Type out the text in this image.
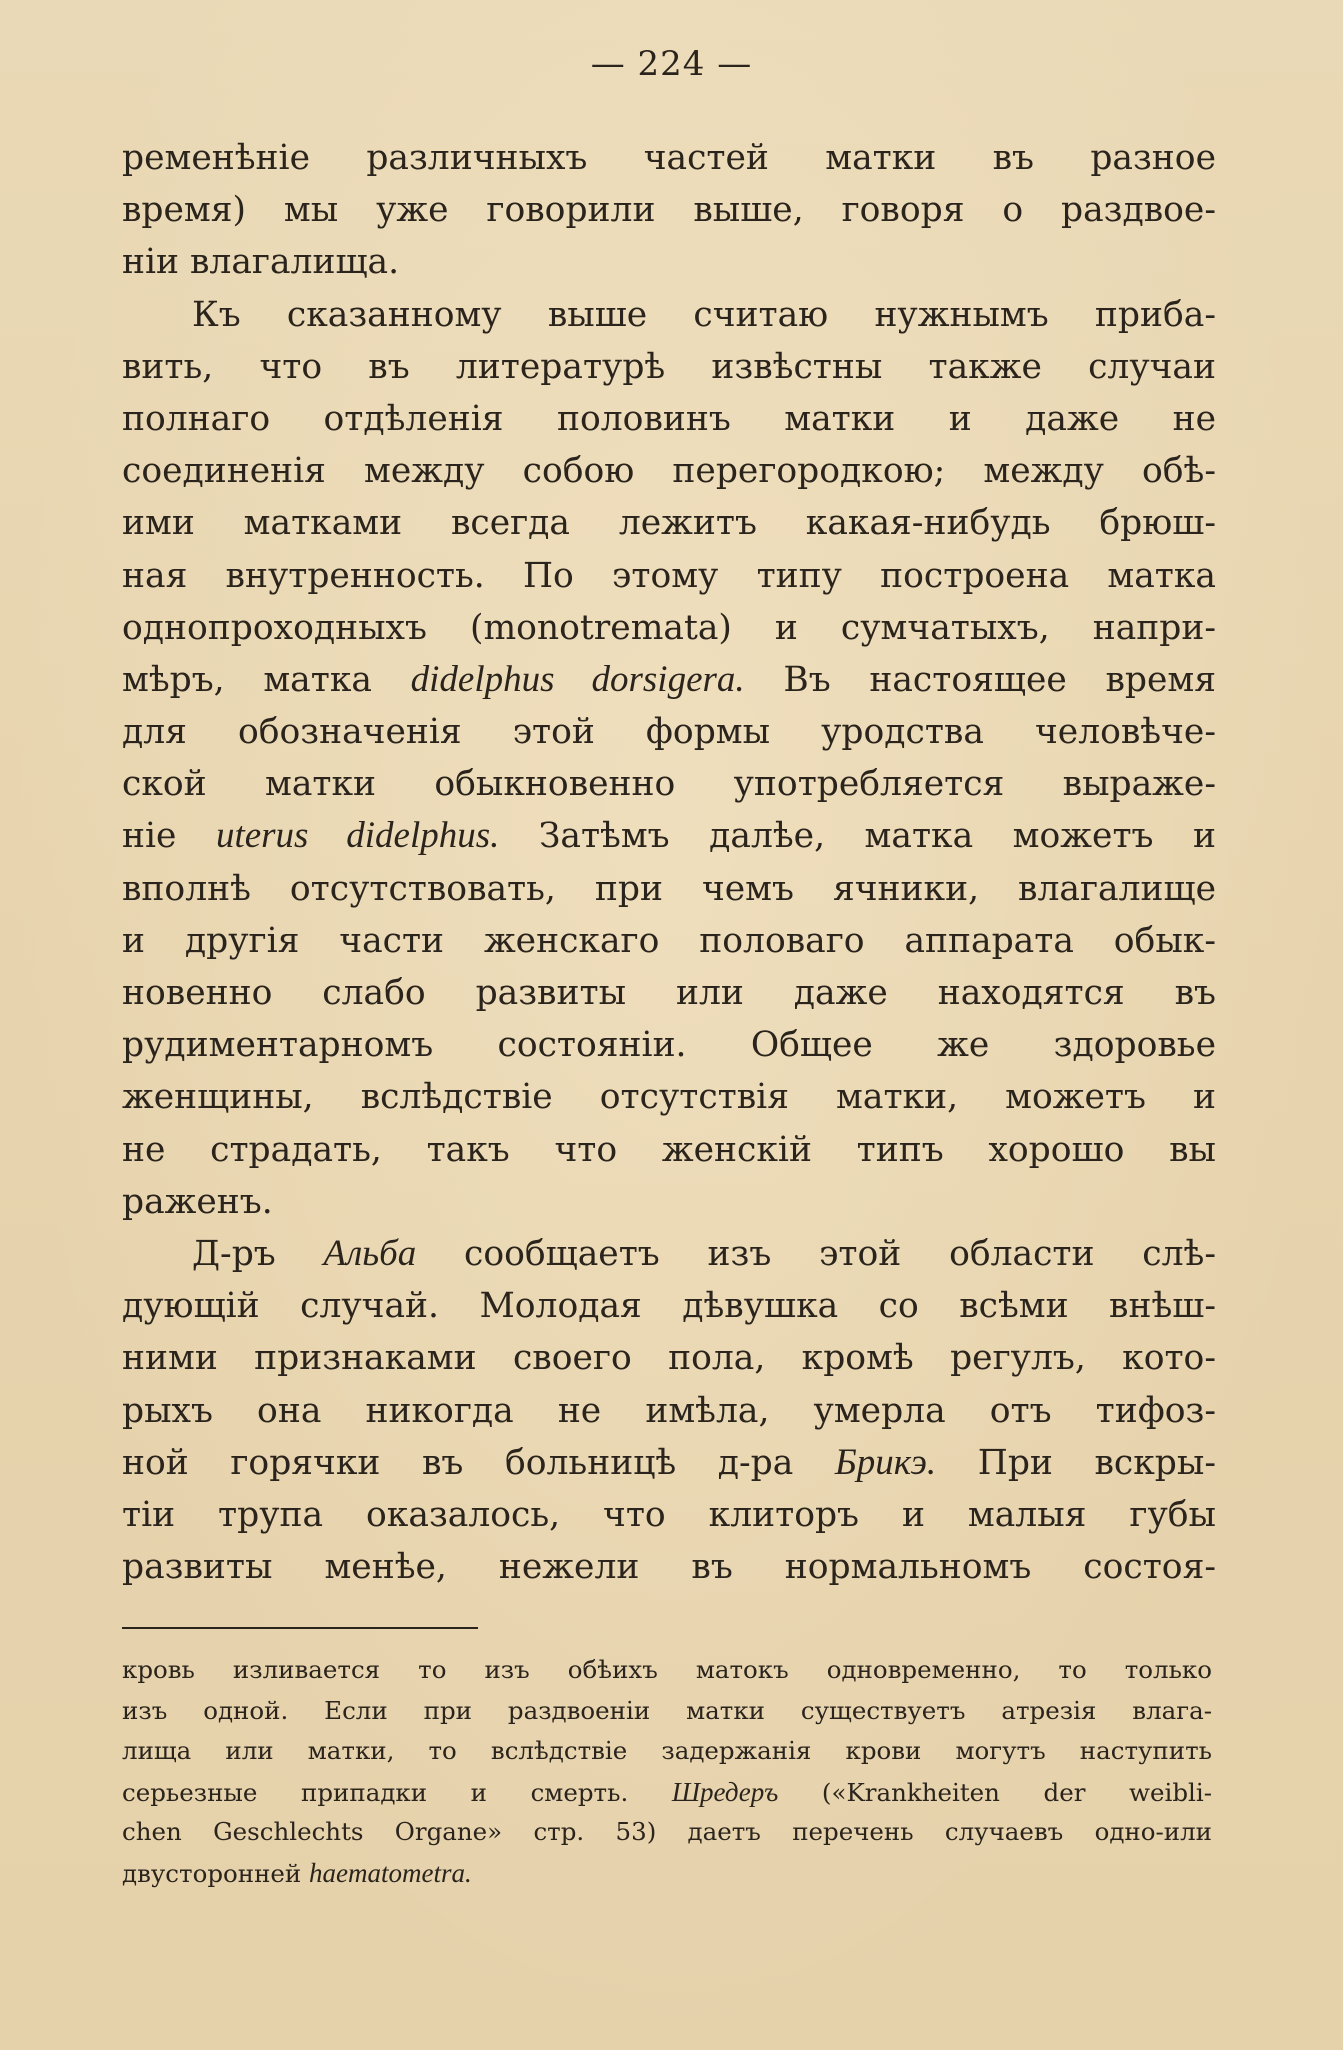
— 224 —
ременѣніе различныхъ частей матки въ разное
время) мы уже говорили выше, говоря о раздвое-
ніи влагалища.
Къ сказанному выше считаю нужнымъ приба-
вить, что въ литературѣ извѣстны также случаи
полнаго отдѣленія половинъ матки и даже не
соединенія между собою перегородкою; между обѣ-
ими матками всегда лежитъ какая-нибудь брюш-
ная внутренность. По этому типу построена матка
однопроходныхъ (monotremata) и сумчатыхъ, напри-
мѣръ, матка didelphus dorsigera. Въ настоящее время
для обозначенія этой формы уродства человѣче-
ской матки обыкновенно употребляется выраже-
ніе uterus didelphus. Затѣмъ далѣе, матка можетъ и
вполнѣ отсутствовать, при чемъ ячники, влагалище
и другія части женскаго половаго аппарата обык-
новенно слабо развиты или даже находятся въ
рудиментарномъ состояніи. Общее же здоровье
женщины, вслѣдствіе отсутствія матки, можетъ и
не страдать, такъ что женскій типъ хорошо вы
раженъ.
Д-ръ Альба сообщаетъ изъ этой области слѣ-
дующій случай. Молодая дѣвушка со всѣми внѣш-
ними признаками своего пола, кромѣ регулъ, кото-
рыхъ она никогда не имѣла, умерла отъ тифоз-
ной горячки въ больницѣ д-ра Брикэ. При вскры-
тіи трупа оказалось, что клиторъ и малыя губы
развиты менѣе, нежели въ нормальномъ состоя-
кровь изливается то изъ обѣихъ матокъ одновременно, то только
изъ одной. Если при раздвоеніи матки существуетъ атрезія влага-
лища или матки, то вслѣдствіе задержанія крови могутъ наступить
серьезные припадки и смерть. Шредеръ («Krankheiten der weibli-
chen Geschlechts Organe» стр. 53) даетъ перечень случаевъ одно-или
двусторонней haematometra.
